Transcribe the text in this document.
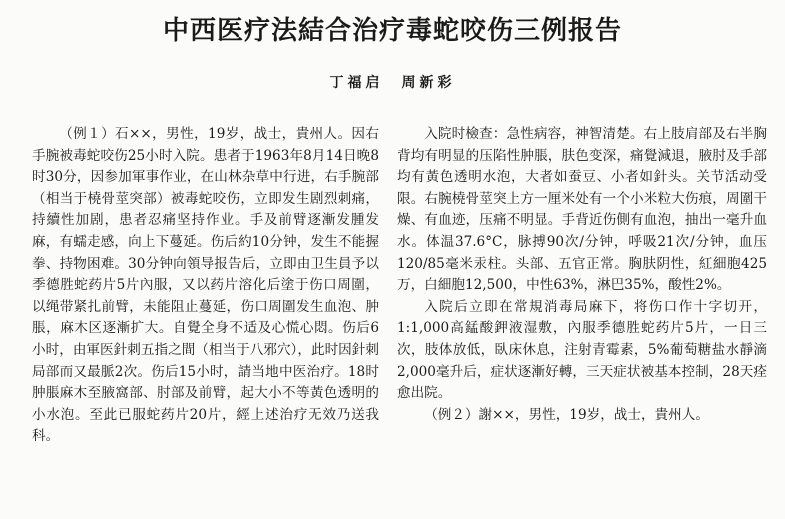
中西医疗法結合治疗毒蛇咬伤三例报告
丁福启　周新彩

（例１）石××，男性，19岁，战士，貴州人。因右手腕被毒蛇咬伤25小时入院。患者于1963年8月14日晚8时30分，因参加軍事作业，在山林杂草中行进，右手腕部（相当于橈骨莖突部）被毒蛇咬伤，立即发生剧烈刺痛，持續性加剧，患者忍痛坚持作业。手及前臂逐漸发腫发麻，有蠕走感，向上下蔓延。伤后約10分钟，发生不能握拳、持物困难。30分钟向領导报告后，立即由卫生員予以季德胜蛇药片5片內服，又以药片溶化后塗于伤口周圍，以绳带紧扎前臂，未能阻止蔓延，伤口周圍发生血泡、肿脹，麻木区逐漸扩大。自覺全身不适及心慌心悶。伤后6小时，由軍医針刺五指之間（相当于八邪穴），此时因針刺局部而又最脈2次。伤后15小时，請当地中医治疗。18时肿脹麻木至腋窩部、肘部及前臂，起大小不等黃色透明的小水泡。至此已服蛇药片20片，經上述治疗无效乃送我科。

入院时檢查：急性病容，神智清楚。右上肢肩部及右半胸背均有明显的压陷性肿脹，肤色变深，痛覺減退，腋肘及手部均有黃色透明水泡，大者如蚕豆、小者如針头。关节活动受限。右腕橈骨莖突上方一厘米处有一个小米粒大伤痕，周圍干燥、有血迹，压痛不明显。手背近伤側有血泡，抽出一毫升血水。体温37.6°C，脉搏90次/分钟，呼吸21次/分钟，血压120/85毫米汞柱。头部、五官正常。胸肤阴性，紅細胞425万，白細胞12,500，中性63%，淋巴35%，酸性2%。

入院后立即在常規消毒局麻下，将伤口作十字切开，1:1,000高錳酸鉀液湿敷，內服季德胜蛇药片5片，一日三次，肢体放低，臥床休息，注射青霉素，5%葡萄糖盐水靜滴2,000毫升后，症状逐漸好轉，三天症状被基本控制，28天痊愈出院。

（例２）謝××，男性，19岁，战士，貴州人。
